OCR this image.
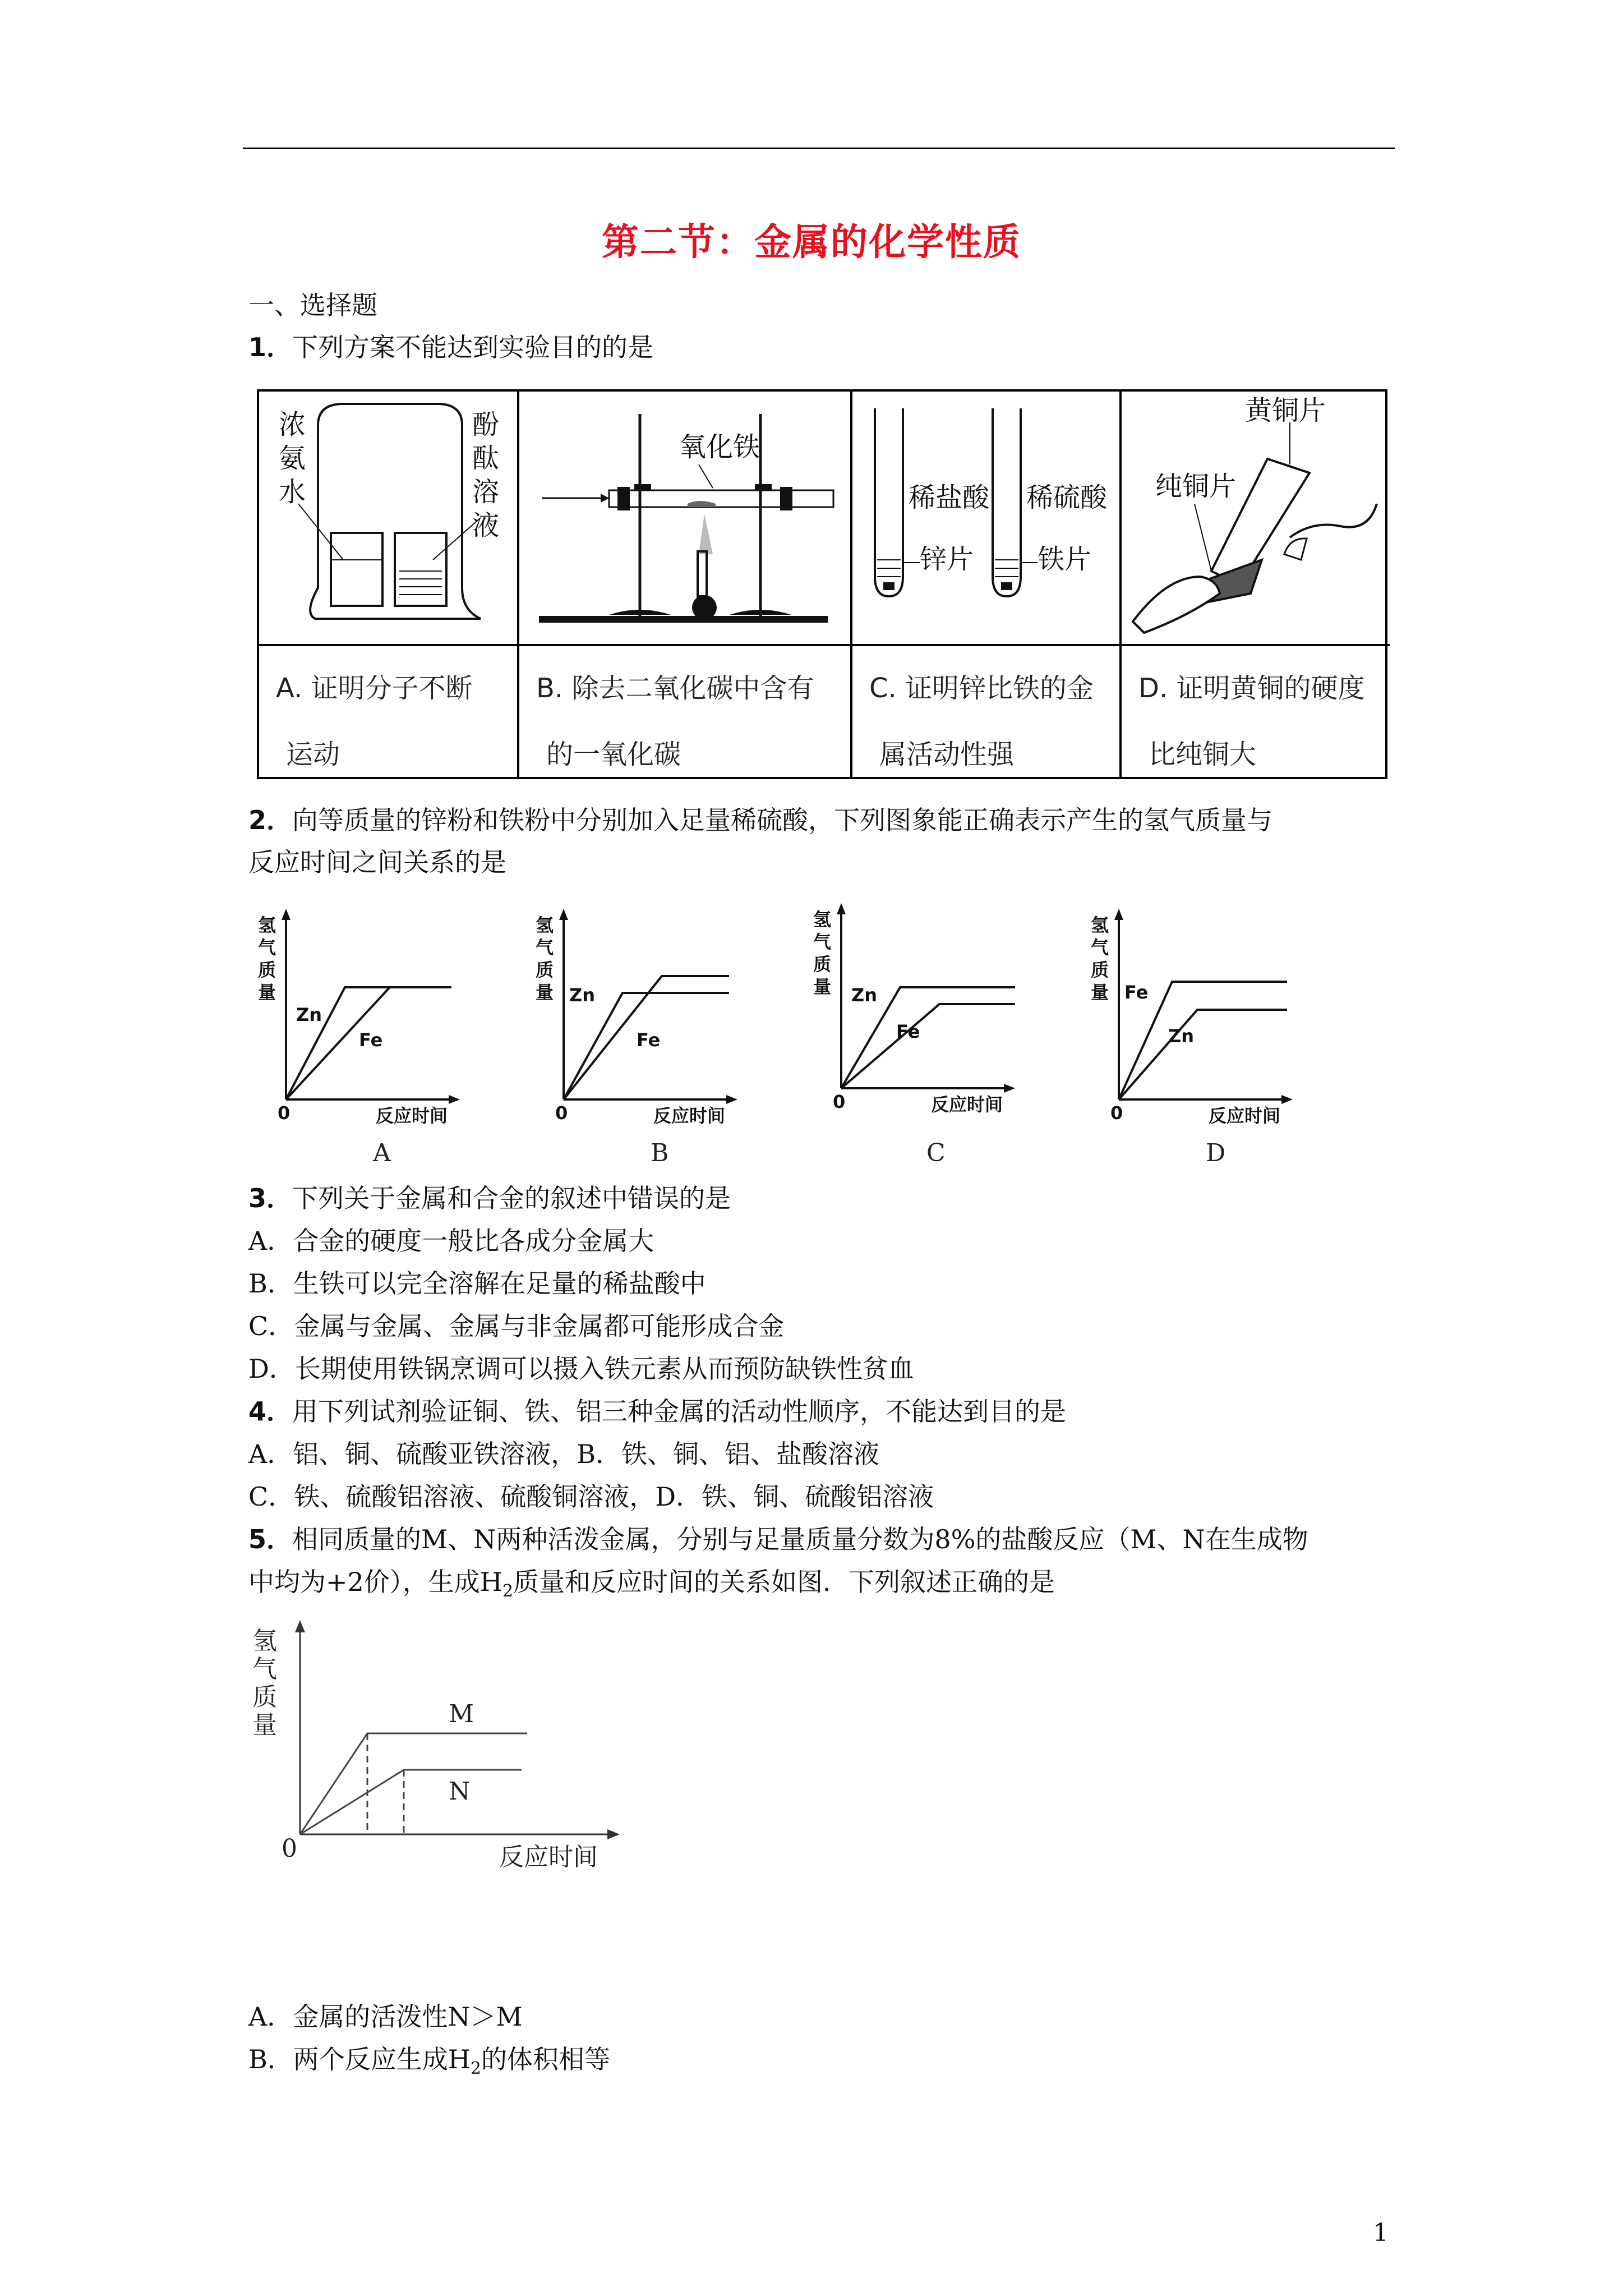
第二节：金属的化学性质
一、选择题
1．下列方案不能达到实验目的的是
浓
氨
水
酚
酞
溶
液
A. 证明分子不断
运动
氧化铁
B. 除去二氧化碳中含有
的一氧化碳
稀盐酸
锌片
稀硫酸
铁片
C. 证明锌比铁的金
属活动性强
黄铜片
纯铜片
D. 证明黄铜的硬度
比纯铜大
2．向等质量的锌粉和铁粉中分别加入足量稀硫酸，下列图象能正确表示产生的氢气质量与
反应时间之间关系的是
氢
气
质
量
Zn
Fe
0	反应时间
A
氢
气
质
量 Zn
Fe
0	反应时间
B
氢
气
质
量 Zn
Fe
0	反应时间
C
氢
气
质
量 Fe
Zn
0	反应时间
D
3．下列关于金属和合金的叙述中错误的是
A．合金的硬度一般比各成分金属大
B．生铁可以完全溶解在足量的稀盐酸中
C．金属与金属、金属与非金属都可能形成合金
D．长期使用铁锅烹调可以摄入铁元素从而预防缺铁性贫血
4．用下列试剂验证铜、铁、铝三种金属的活动性顺序，不能达到目的是
A．铝、铜、硫酸亚铁溶液，B．铁、铜、铝、盐酸溶液
C．铁、硫酸铝溶液、硫酸铜溶液，D．铁、铜、硫酸铝溶液
5．相同质量的M、N两种活泼金属，分别与足量质量分数为8%的盐酸反应（M、N在生成物
中均为+2价），生成$H_2$质量和反应时间的关系如图．下列叙述正确的是
氢
气
质
量	M
N
0	反应时间
A．金属的活泼性N＞M
B．两个反应生成$H_2$的体积相等
1
